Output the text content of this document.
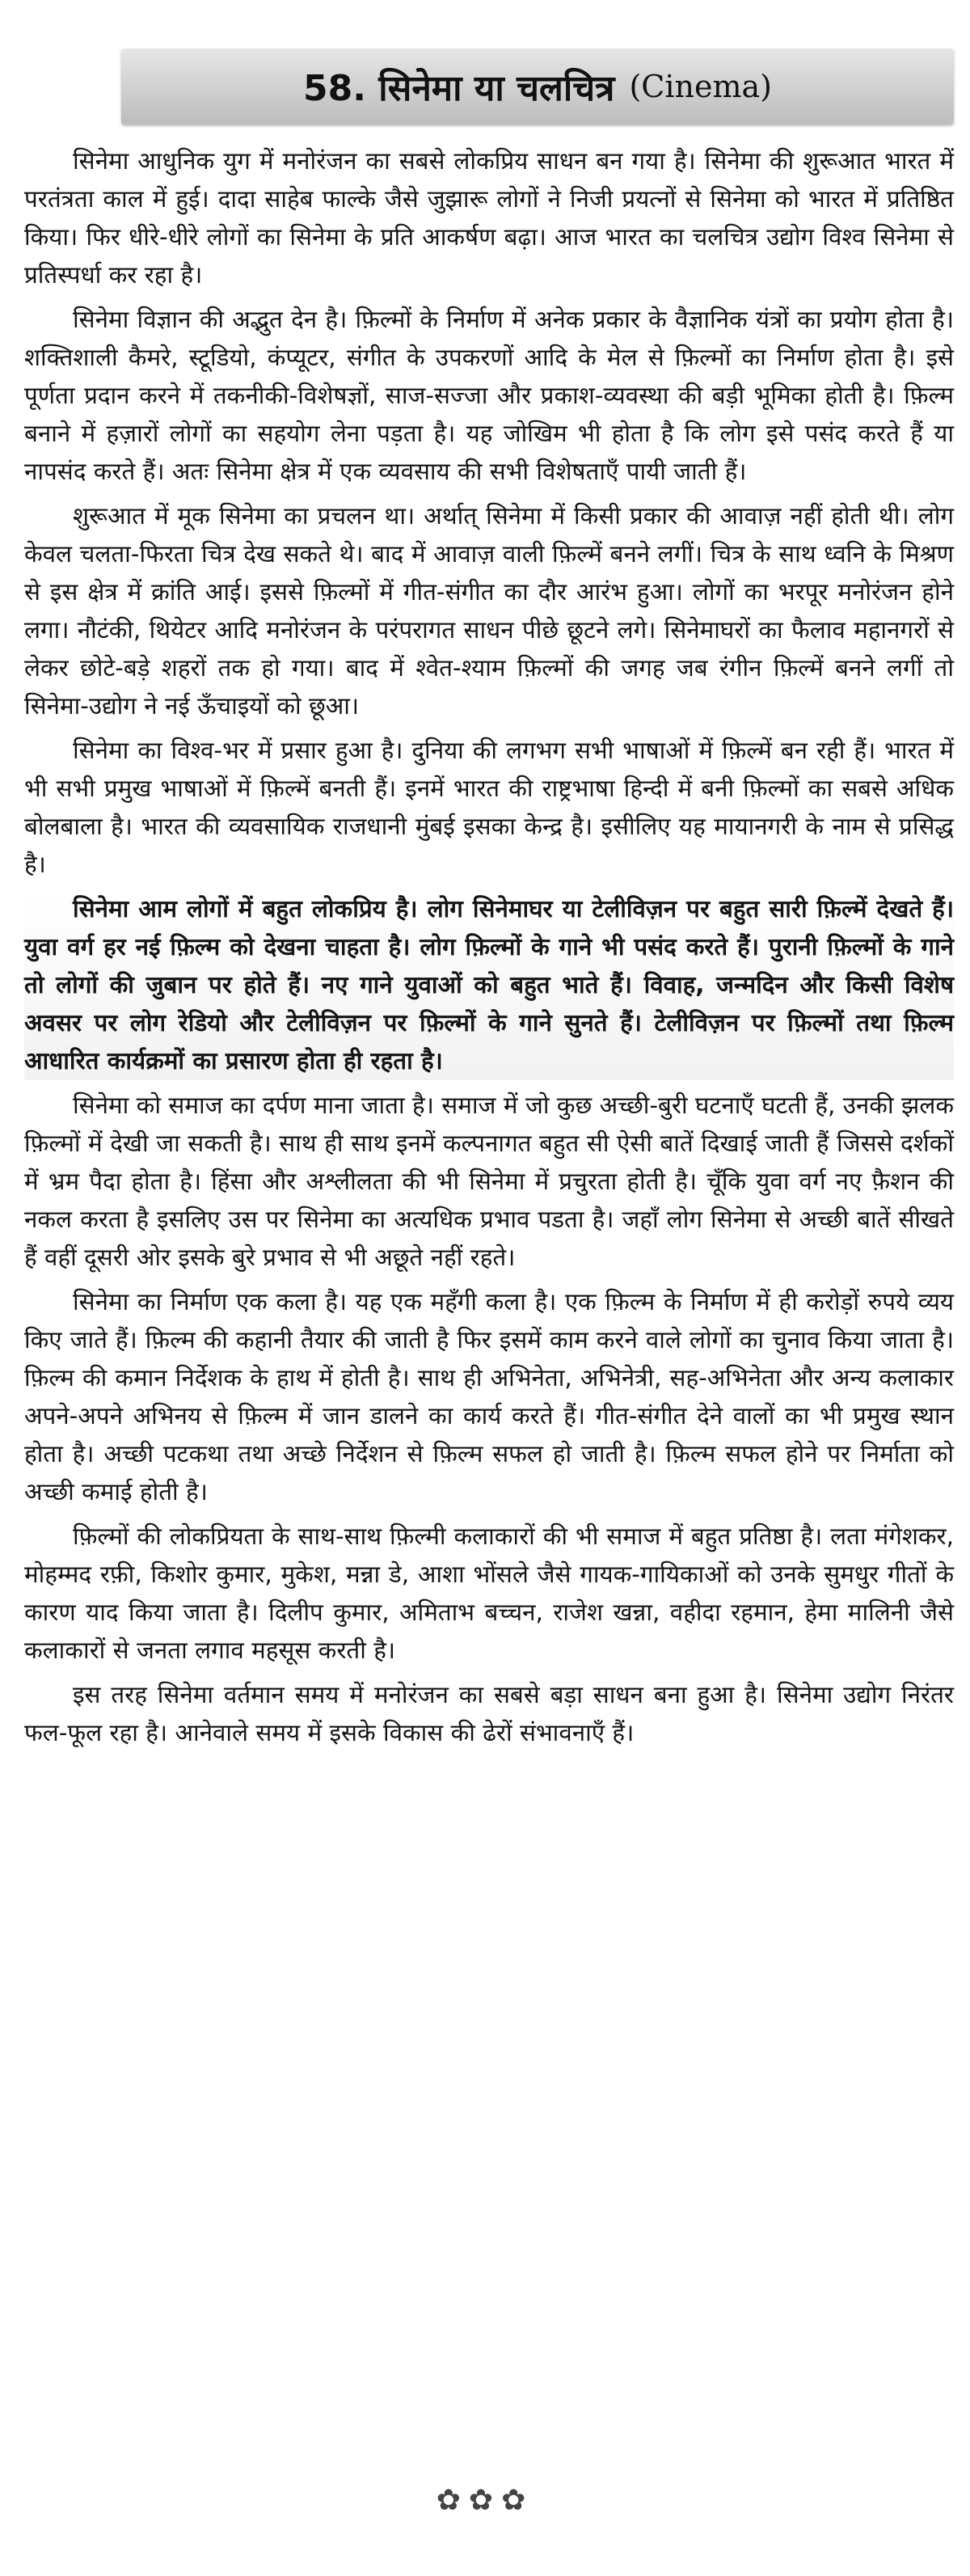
58. सिनेमा या चलचित्र (Cinema)

सिनेमा आधुनिक युग में मनोरंजन का सबसे लोकप्रिय साधन बन गया है। सिनेमा की शुरूआत भारत में परतंत्रता काल में हुई। दादा साहेब फाल्के जैसे जुझारू लोगों ने निजी प्रयत्नों से सिनेमा को भारत में प्रतिष्ठित किया। फिर धीरे-धीरे लोगों का सिनेमा के प्रति आकर्षण बढ़ा। आज भारत का चलचित्र उद्योग विश्व सिनेमा से प्रतिस्पर्धा कर रहा है।

सिनेमा विज्ञान की अद्भुत देन है। फ़िल्मों के निर्माण में अनेक प्रकार के वैज्ञानिक यंत्रों का प्रयोग होता है। शक्तिशाली कैमरे, स्टूडियो, कंप्यूटर, संगीत के उपकरणों आदि के मेल से फ़िल्मों का निर्माण होता है। इसे पूर्णता प्रदान करने में तकनीकी-विशेषज्ञों, साज-सज्जा और प्रकाश-व्यवस्था की बड़ी भूमिका होती है। फ़िल्म बनाने में हज़ारों लोगों का सहयोग लेना पड़ता है। यह जोखिम भी होता है कि लोग इसे पसंद करते हैं या नापसंद करते हैं। अतः सिनेमा क्षेत्र में एक व्यवसाय की सभी विशेषताएँ पायी जाती हैं।

शुरूआत में मूक सिनेमा का प्रचलन था। अर्थात् सिनेमा में किसी प्रकार की आवाज़ नहीं होती थी। लोग केवल चलता-फिरता चित्र देख सकते थे। बाद में आवाज़ वाली फ़िल्में बनने लगीं। चित्र के साथ ध्वनि के मिश्रण से इस क्षेत्र में क्रांति आई। इससे फ़िल्मों में गीत-संगीत का दौर आरंभ हुआ। लोगों का भरपूर मनोरंजन होने लगा। नौटंकी, थियेटर आदि मनोरंजन के परंपरागत साधन पीछे छूटने लगे। सिनेमाघरों का फैलाव महानगरों से लेकर छोटे-बड़े शहरों तक हो गया। बाद में श्वेत-श्याम फ़िल्मों की जगह जब रंगीन फ़िल्में बनने लगीं तो सिनेमा-उद्योग ने नई ऊँचाइयों को छूआ।

सिनेमा का विश्व-भर में प्रसार हुआ है। दुनिया की लगभग सभी भाषाओं में फ़िल्में बन रही हैं। भारत में भी सभी प्रमुख भाषाओं में फ़िल्में बनती हैं। इनमें भारत की राष्ट्रभाषा हिन्दी में बनी फ़िल्मों का सबसे अधिक बोलबाला है। भारत की व्यवसायिक राजधानी मुंबई इसका केन्द्र है। इसीलिए यह मायानगरी के नाम से प्रसिद्ध है।

सिनेमा आम लोगों में बहुत लोकप्रिय है। लोग सिनेमाघर या टेलीविज़न पर बहुत सारी फ़िल्में देखते हैं। युवा वर्ग हर नई फ़िल्म को देखना चाहता है। लोग फ़िल्मों के गाने भी पसंद करते हैं। पुरानी फ़िल्मों के गाने तो लोगों की जुबान पर होते हैं। नए गाने युवाओं को बहुत भाते हैं। विवाह, जन्मदिन और किसी विशेष अवसर पर लोग रेडियो और टेलीविज़न पर फ़िल्मों के गाने सुनते हैं। टेलीविज़न पर फ़िल्मों तथा फ़िल्म आधारित कार्यक्रमों का प्रसारण होता ही रहता है।

सिनेमा को समाज का दर्पण माना जाता है। समाज में जो कुछ अच्छी-बुरी घटनाएँ घटती हैं, उनकी झलक फ़िल्मों में देखी जा सकती है। साथ ही साथ इनमें कल्पनागत बहुत सी ऐसी बातें दिखाई जाती हैं जिससे दर्शकों में भ्रम पैदा होता है। हिंसा और अश्लीलता की भी सिनेमा में प्रचुरता होती है। चूँकि युवा वर्ग नए फ़ैशन की नकल करता है इसलिए उस पर सिनेमा का अत्यधिक प्रभाव पडता है। जहाँ लोग सिनेमा से अच्छी बातें सीखते हैं वहीं दूसरी ओर इसके बुरे प्रभाव से भी अछूते नहीं रहते।

सिनेमा का निर्माण एक कला है। यह एक महँगी कला है। एक फ़िल्म के निर्माण में ही करोड़ों रुपये व्यय किए जाते हैं। फ़िल्म की कहानी तैयार की जाती है फिर इसमें काम करने वाले लोगों का चुनाव किया जाता है। फ़िल्म की कमान निर्देशक के हाथ में होती है। साथ ही अभिनेता, अभिनेत्री, सह-अभिनेता और अन्य कलाकार अपने-अपने अभिनय से फ़िल्म में जान डालने का कार्य करते हैं। गीत-संगीत देने वालों का भी प्रमुख स्थान होता है। अच्छी पटकथा तथा अच्छे निर्देशन से फ़िल्म सफल हो जाती है। फ़िल्म सफल होने पर निर्माता को अच्छी कमाई होती है।

फ़िल्मों की लोकप्रियता के साथ-साथ फ़िल्मी कलाकारों की भी समाज में बहुत प्रतिष्ठा है। लता मंगेशकर, मोहम्मद रफ़ी, किशोर कुमार, मुकेश, मन्ना डे, आशा भोंसले जैसे गायक-गायिकाओं को उनके सुमधुर गीतों के कारण याद किया जाता है। दिलीप कुमार, अमिताभ बच्चन, राजेश खन्ना, वहीदा रहमान, हेमा मालिनी जैसे कलाकारों से जनता लगाव महसूस करती है।

इस तरह सिनेमा वर्तमान समय में मनोरंजन का सबसे बड़ा साधन बना हुआ है। सिनेमा उद्योग निरंतर फल-फूल रहा है। आनेवाले समय में इसके विकास की ढेरों संभावनाएँ हैं।

✿✿✿
